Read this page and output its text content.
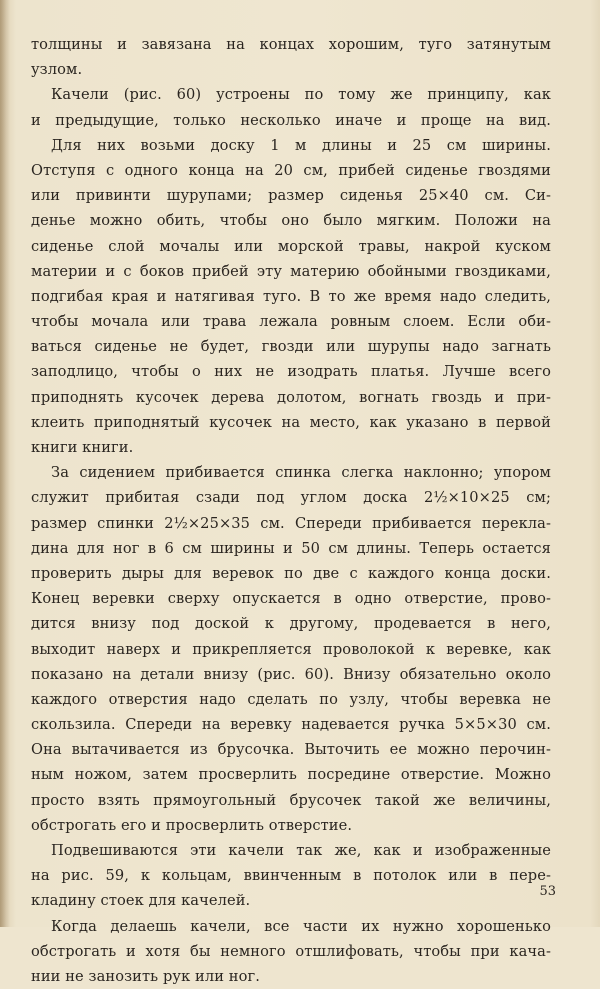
толщины и завязана на концах хорошим, туго затянутым
узлом.
Качели (рис. 60) устроены по тому же принципу, как
и предыдущие, только несколько иначе и проще на вид.
Для них возьми доску 1 м длины и 25 см ширины.
Отступя с одного конца на 20 см, прибей сиденье гвоздями
или привинти шурупами; размер сиденья 25×40 см. Си-
денье можно обить, чтобы оно было мягким. Положи на
сиденье слой мочалы или морской травы, накрой куском
материи и с боков прибей эту материю обойными гвоздиками,
подгибая края и натягивая туго. В то же время надо следить,
чтобы мочала или трава лежала ровным слоем. Если оби-
ваться сиденье не будет, гвозди или шурупы надо загнать
заподлицо, чтобы о них не изодрать платья. Лучше всего
приподнять кусочек дерева долотом, вогнать гвоздь и при-
клеить приподнятый кусочек на место, как указано в первой
книги книги.
За сидением прибивается спинка слегка наклонно; упором
служит прибитая сзади под углом доска 2½×10×25 см;
размер спинки 2½×25×35 см. Спереди прибивается перекла-
дина для ног в 6 см ширины и 50 см длины. Теперь остается
проверить дыры для веревок по две с каждого конца доски.
Конец веревки сверху опускается в одно отверстие, прово-
дится внизу под доской к другому, продевается в него,
выходит наверх и прикрепляется проволокой к веревке, как
показано на детали внизу (рис. 60). Внизу обязательно около
каждого отверстия надо сделать по узлу, чтобы веревка не
скользила. Спереди на веревку надевается ручка 5×5×30 см.
Она вытачивается из брусочка. Выточить ее можно перочин-
ным ножом, затем просверлить посредине отверстие. Можно
просто взять прямоугольный брусочек такой же величины,
обстрогать его и просверлить отверстие.
Подвешиваются эти качели так же, как и изображенные
на рис. 59, к кольцам, ввинченным в потолок или в пере-
кладину стоек для качелей.
Когда делаешь качели, все части их нужно хорошенько
обстрогать и хотя бы немного отшлифовать, чтобы при кача-
нии не занозить рук или ног.
53
